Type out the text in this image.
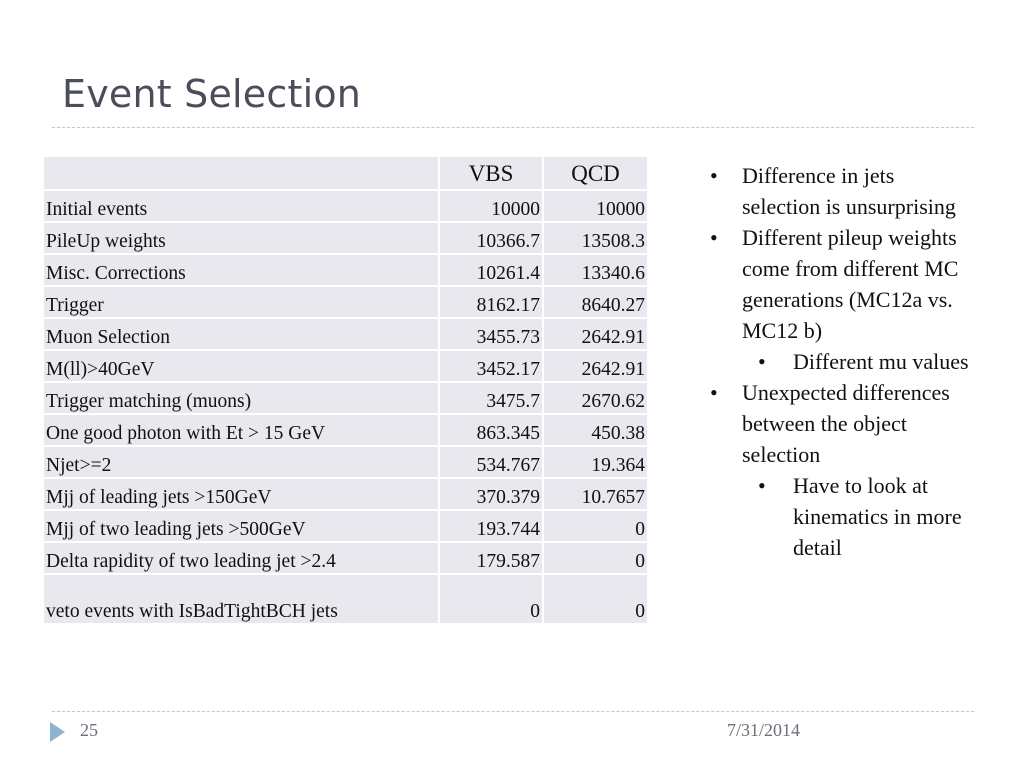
Event Selection
	VBS	QCD
Initial events	10000	10000
PileUp weights	10366.7	13508.3
Misc. Corrections	10261.4	13340.6
Trigger	8162.17	8640.27
Muon Selection	3455.73	2642.91
M(ll)>40GeV	3452.17	2642.91
Trigger matching (muons)	3475.7	2670.62
One good photon with Et > 15 GeV	863.345	450.38
Njet>=2	534.767	19.364
Mjj of leading jets >150GeV	370.379	10.7657
Mjj of two leading jets >500GeV	193.744	0
Delta rapidity of two leading jet >2.4	179.587	0
veto events with IsBadTightBCH jets	0	0
• Difference in jets selection is unsurprising
• Different pileup weights come from different MC generations (MC12a vs. MC12 b)
• Different mu values
• Unexpected differences between the object selection
• Have to look at kinematics in more detail
25	7/31/2014
